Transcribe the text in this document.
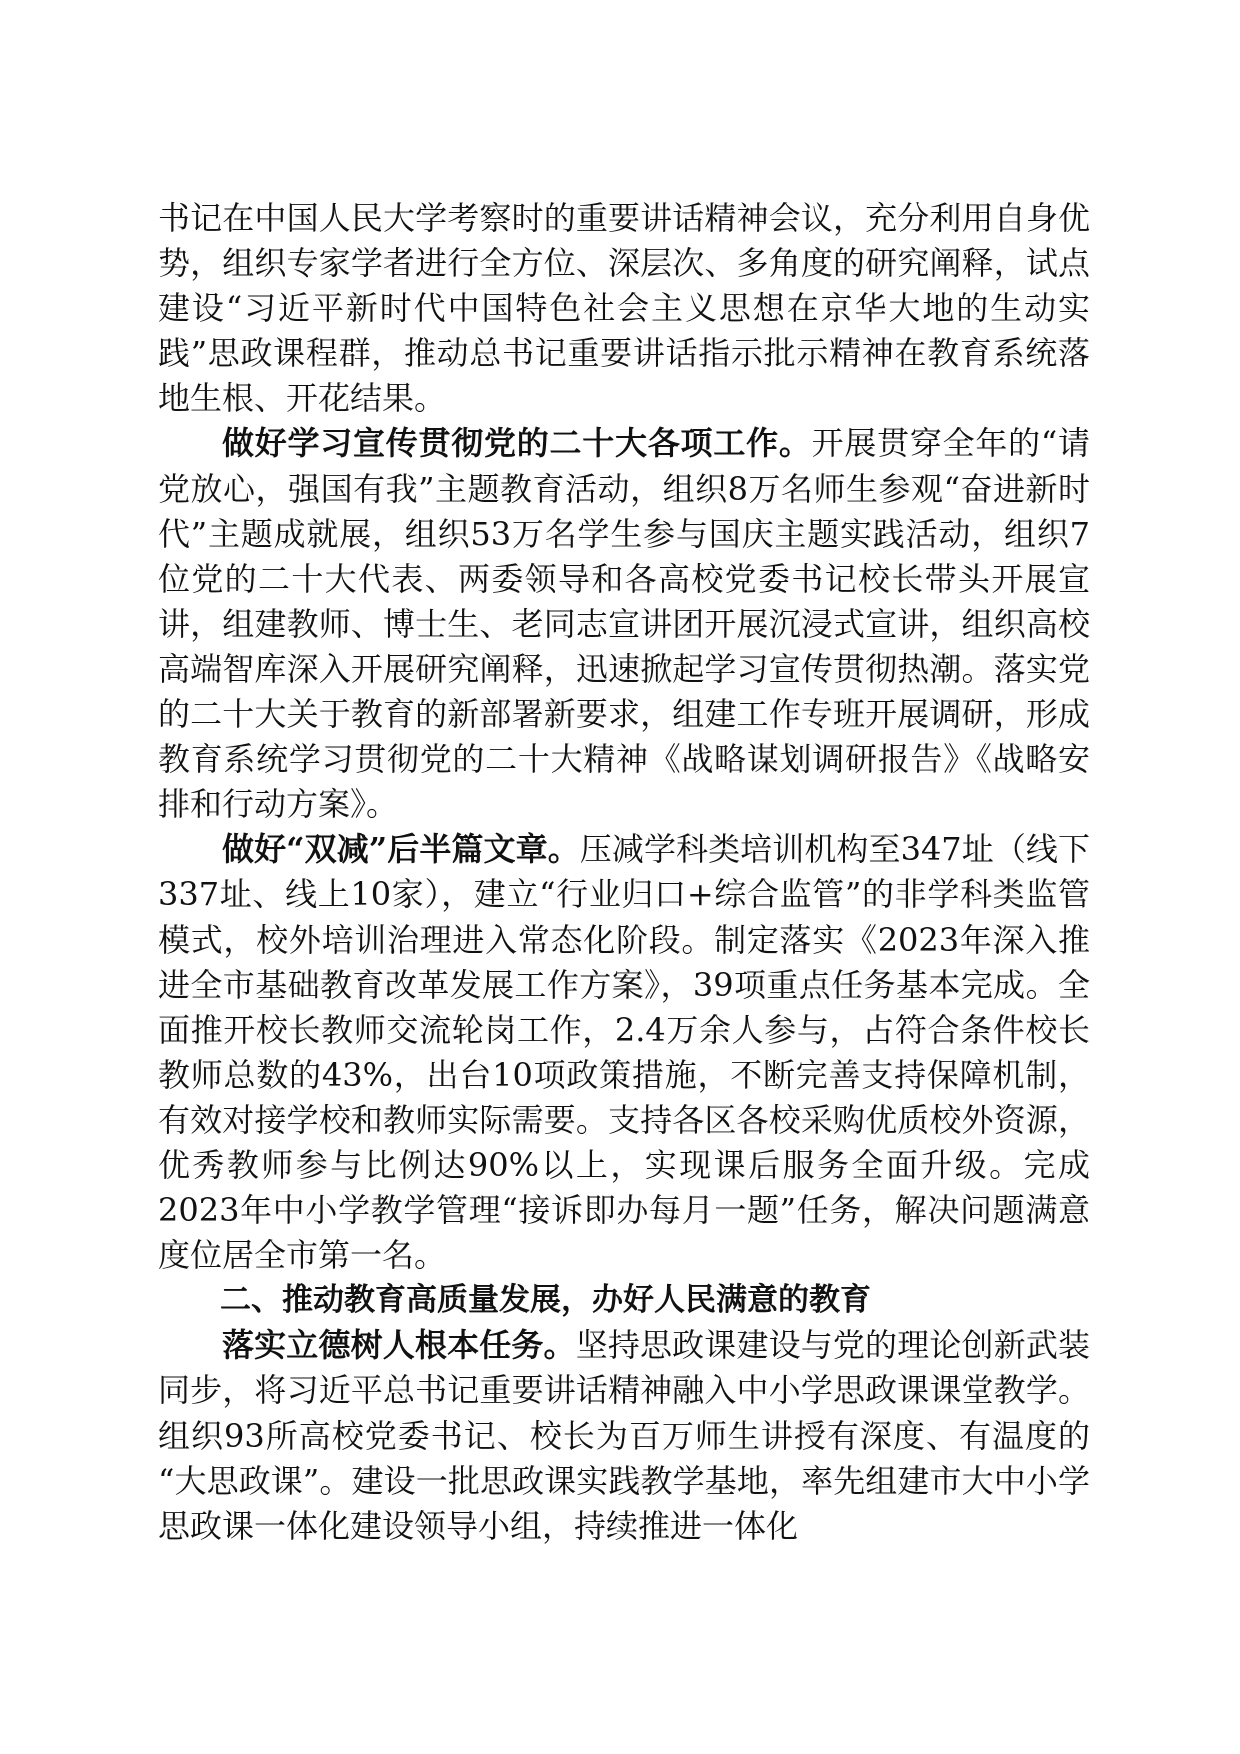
书记在中国人民大学考察时的重要讲话精神会议，充分利用自身优势，组织专家学者进行全方位、深层次、多角度的研究阐释，试点建设“习近平新时代中国特色社会主义思想在京华大地的生动实践”思政课程群，推动总书记重要讲话指示批示精神在教育系统落地生根、开花结果。

做好学习宣传贯彻党的二十大各项工作。开展贯穿全年的“请党放心，强国有我”主题教育活动，组织8万名师生参观“奋进新时代”主题成就展，组织53万名学生参与国庆主题实践活动，组织7位党的二十大代表、两委领导和各高校党委书记校长带头开展宣讲，组建教师、博士生、老同志宣讲团开展沉浸式宣讲，组织高校高端智库深入开展研究阐释，迅速掀起学习宣传贯彻热潮。落实党的二十大关于教育的新部署新要求，组建工作专班开展调研，形成教育系统学习贯彻党的二十大精神《战略谋划调研报告》《战略安排和行动方案》。

做好“双减”后半篇文章。压减学科类培训机构至347址（线下337址、线上10家），建立“行业归口+综合监管”的非学科类监管模式，校外培训治理进入常态化阶段。制定落实《2023年深入推进全市基础教育改革发展工作方案》，39项重点任务基本完成。全面推开校长教师交流轮岗工作，2.4万余人参与，占符合条件校长教师总数的43%，出台10项政策措施，不断完善支持保障机制，有效对接学校和教师实际需要。支持各区各校采购优质校外资源，优秀教师参与比例达90%以上，实现课后服务全面升级。完成2023年中小学教学管理“接诉即办每月一题”任务，解决问题满意度位居全市第一名。

二、推动教育高质量发展，办好人民满意的教育

落实立德树人根本任务。坚持思政课建设与党的理论创新武装同步，将习近平总书记重要讲话精神融入中小学思政课课堂教学。组织93所高校党委书记、校长为百万师生讲授有深度、有温度的 “大思政课”。建设一批思政课实践教学基地，率先组建市大中小学思政课一体化建设领导小组，持续推进一体化
